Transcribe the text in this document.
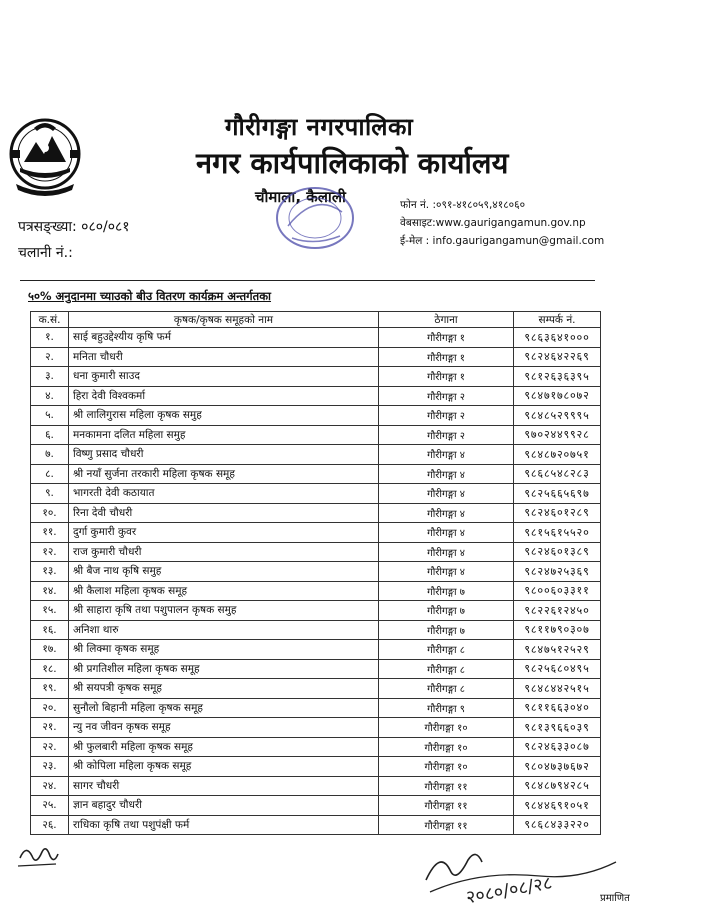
गौरीगङ्गा नगरपालिका
नगर कार्यपालिकाको कार्यालय
चौमाला, कैलाली	फोन नं. :०९१-४१८०५९,४१८०६०
वेबसाइट:www.gaurigangamun.gov.np
ई-मेल : info.gaurigangamun@gmail.com
पत्रसङ्ख्या: ०८०/०८१
चलानी नं.:
५०% अनुदानमा च्याउको बीउ वितरण कार्यक्रम अन्तर्गतका
क.सं.	कृषक/कृषक समूहको नाम	ठेगाना	सम्पर्क नं.
१.	साई बहुउद्देश्यीय कृषि फर्म	गौरीगङ्गा १	९८६३६४१०००
२.	मनिता चौधरी	गौरीगङ्गा १	९८२४६४२२६९
३.	धना कुमारी साउद	गौरीगङ्गा १	९८१२६३६३९५
४.	हिरा देवी विश्वकर्मा	गौरीगङ्गा २	९८४७१७८०७२
५.	श्री लालिगुरास महिला कृषक समुह	गौरीगङ्गा २	९८४८५२९९९५
६.	मनकामना दलित महिला समुह	गौरीगङ्गा २	९७०२४४९९२८
७.	विष्णु प्रसाद चौधरी	गौरीगङ्गा ४	९८४८७२०७५१
८.	श्री नयाँ सुर्जना तरकारी महिला कृषक समूह	गौरीगङ्गा ४	९८६८५४८२८३
९.	भागरती देवी कठायात	गौरीगङ्गा ४	९८२५६६५६९७
१०.	रिना देवी चौधरी	गौरीगङ्गा ४	९८२४६०१२८९
११.	दुर्गा कुमारी कुवर	गौरीगङ्गा ४	९८१५६१५५२०
१२.	राज कुमारी चौधरी	गौरीगङ्गा ४	९८२४६०१३८९
१३.	श्री बैज नाथ कृषि समुह	गौरीगङ्गा ४	९८२४७२५३६९
१४.	श्री कैलाश महिला कृषक समूह	गौरीगङ्गा ७	९८००६०३३११
१५.	श्री साहारा कृषि तथा पशुपालन कृषक समुह	गौरीगङ्गा ७	९८२२६१२४५०
१६.	अनिशा थारु	गौरीगङ्गा ७	९८११७९०३०७
१७.	श्री लिक्मा कृषक समूह	गौरीगङ्गा ८	९८४७५१२५२९
१८.	श्री प्रगतिशील महिला कृषक समूह	गौरीगङ्गा ८	९८२५६८०४९५
१९.	श्री सयपत्री कृषक समूह	गौरीगङ्गा ८	९८४८४४२५१५
२०.	सुनौलो बिहानी महिला कृषक समूह	गौरीगङ्गा ९	९८११६६३०४०
२१.	न्यु नव जीवन कृषक समूह	गौरीगङ्गा १०	९८१३९६६०३९
२२.	श्री फुलबारी महिला कृषक समूह	गौरीगङ्गा १०	९८२४६३३०८७
२३.	श्री कोपिला महिला कृषक समूह	गौरीगङ्गा १०	९८०४७३७६७२
२४.	सागर चौधरी	गौरीगङ्गा ११	९८४८७९४२८५
२५.	ज्ञान बहादुर चौधरी	गौरीगङ्गा ११	९८४४६९१०५१
२६.	राधिका कृषि तथा पशुपंक्षी फर्म	गौरीगङ्गा ११	९८६८४३३२२०
२०८०/०८/२८	प्रमाणित
